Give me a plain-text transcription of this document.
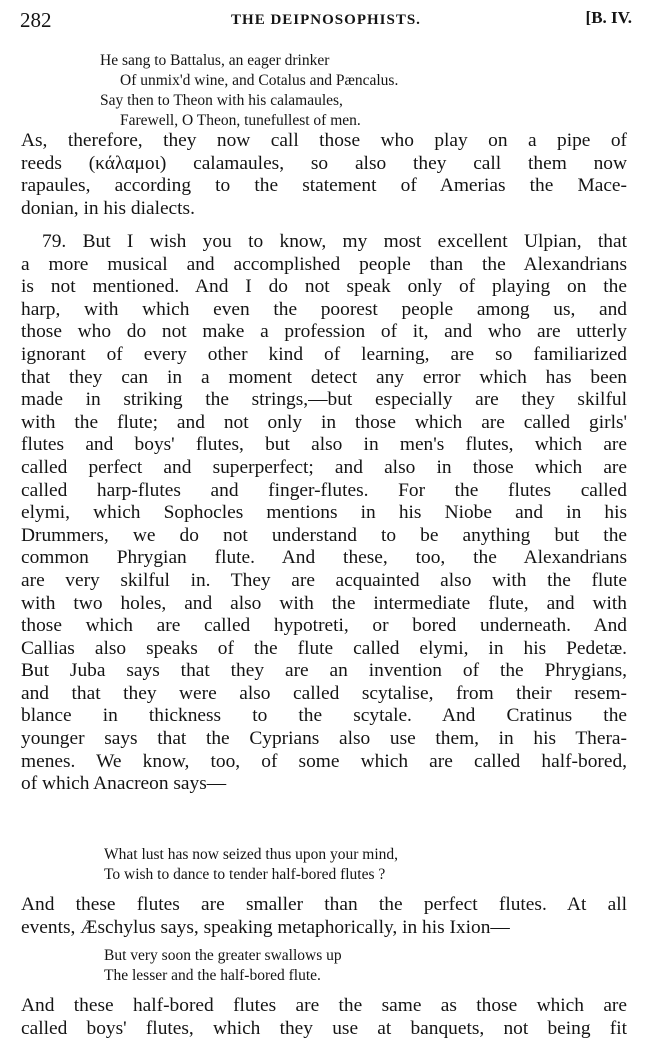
282	THE DEIPNOSOPHISTS.	[B. IV.
He sang to Battalus, an eager drinker
Of unmix'd wine, and Cotalus and Pæncalus.
Say then to Theon with his calamaules,
Farewell, O Theon, tunefullest of men.
As, therefore, they now call those who play on a pipe of
reeds (κάλαμοι) calamaules, so also they call them now
rapaules, according to the statement of Amerias the Mace-
donian, in his dialects.
79. But I wish you to know, my most excellent Ulpian, that
a more musical and accomplished people than the Alexandrians
is not mentioned. And I do not speak only of playing on the
harp, with which even the poorest people among us, and
those who do not make a profession of it, and who are utterly
ignorant of every other kind of learning, are so familiarized
that they can in a moment detect any error which has been
made in striking the strings,—but especially are they skilful
with the flute; and not only in those which are called girls'
flutes and boys' flutes, but also in men's flutes, which are
called perfect and superperfect; and also in those which are
called harp-flutes and finger-flutes. For the flutes called
elymi, which Sophocles mentions in his Niobe and in his
Drummers, we do not understand to be anything but the
common Phrygian flute. And these, too, the Alexandrians
are very skilful in. They are acquainted also with the flute
with two holes, and also with the intermediate flute, and with
those which are called hypotreti, or bored underneath. And
Callias also speaks of the flute called elymi, in his Pedetæ.
But Juba says that they are an invention of the Phrygians,
and that they were also called scytalise, from their resem-
blance in thickness to the scytale. And Cratinus the
younger says that the Cyprians also use them, in his Thera-
menes. We know, too, of some which are called half-bored,
of which Anacreon says—
What lust has now seized thus upon your mind,
To wish to dance to tender half-bored flutes ?
And these flutes are smaller than the perfect flutes. At all
events, Æschylus says, speaking metaphorically, in his Ixion—
But very soon the greater swallows up
The lesser and the half-bored flute.
And these half-bored flutes are the same as those which are
called boys' flutes, which they use at banquets, not being fit
